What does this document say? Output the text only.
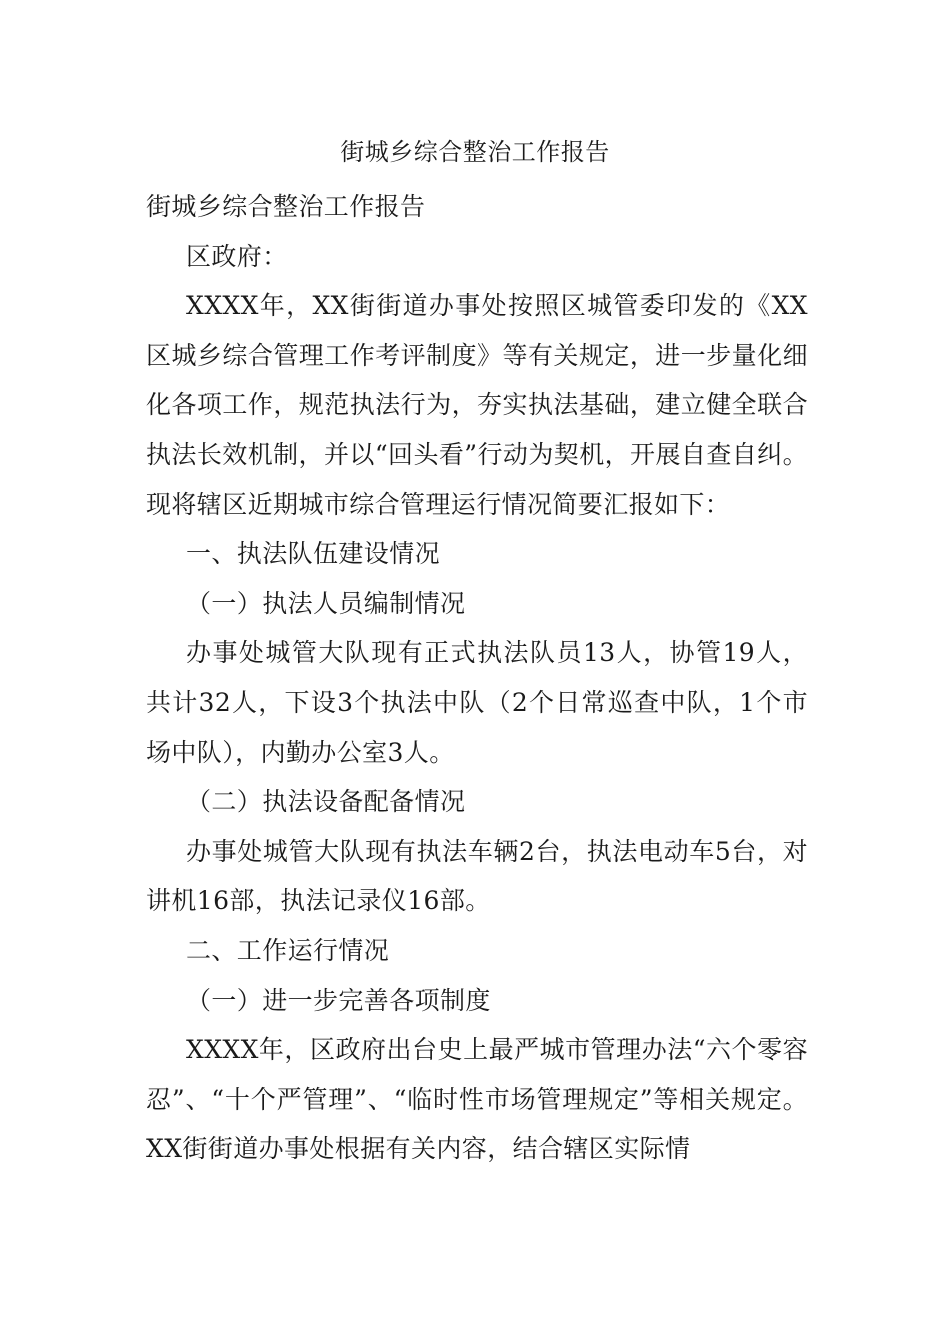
街城乡综合整治工作报告

街城乡综合整治工作报告

区政府：

XXXX年，XX街街道办事处按照区城管委印发的《XX区城乡综合管理工作考评制度》等有关规定，进一步量化细化各项工作，规范执法行为，夯实执法基础，建立健全联合执法长效机制，并以“回头看”行动为契机，开展自查自纠。现将辖区近期城市综合管理运行情况简要汇报如下：

一、执法队伍建设情况

（一）执法人员编制情况

办事处城管大队现有正式执法队员13人，协管19人，共计32人，下设3个执法中队（2个日常巡查中队，1个市场中队），内勤办公室3人。

（二）执法设备配备情况

办事处城管大队现有执法车辆2台，执法电动车5台，对讲机16部，执法记录仪16部。

二、工作运行情况

（一）进一步完善各项制度

XXXX年，区政府出台史上最严城市管理办法“六个零容忍”、“十个严管理”、“临时性市场管理规定”等相关规定。XX街街道办事处根据有关内容，结合辖区实际情
